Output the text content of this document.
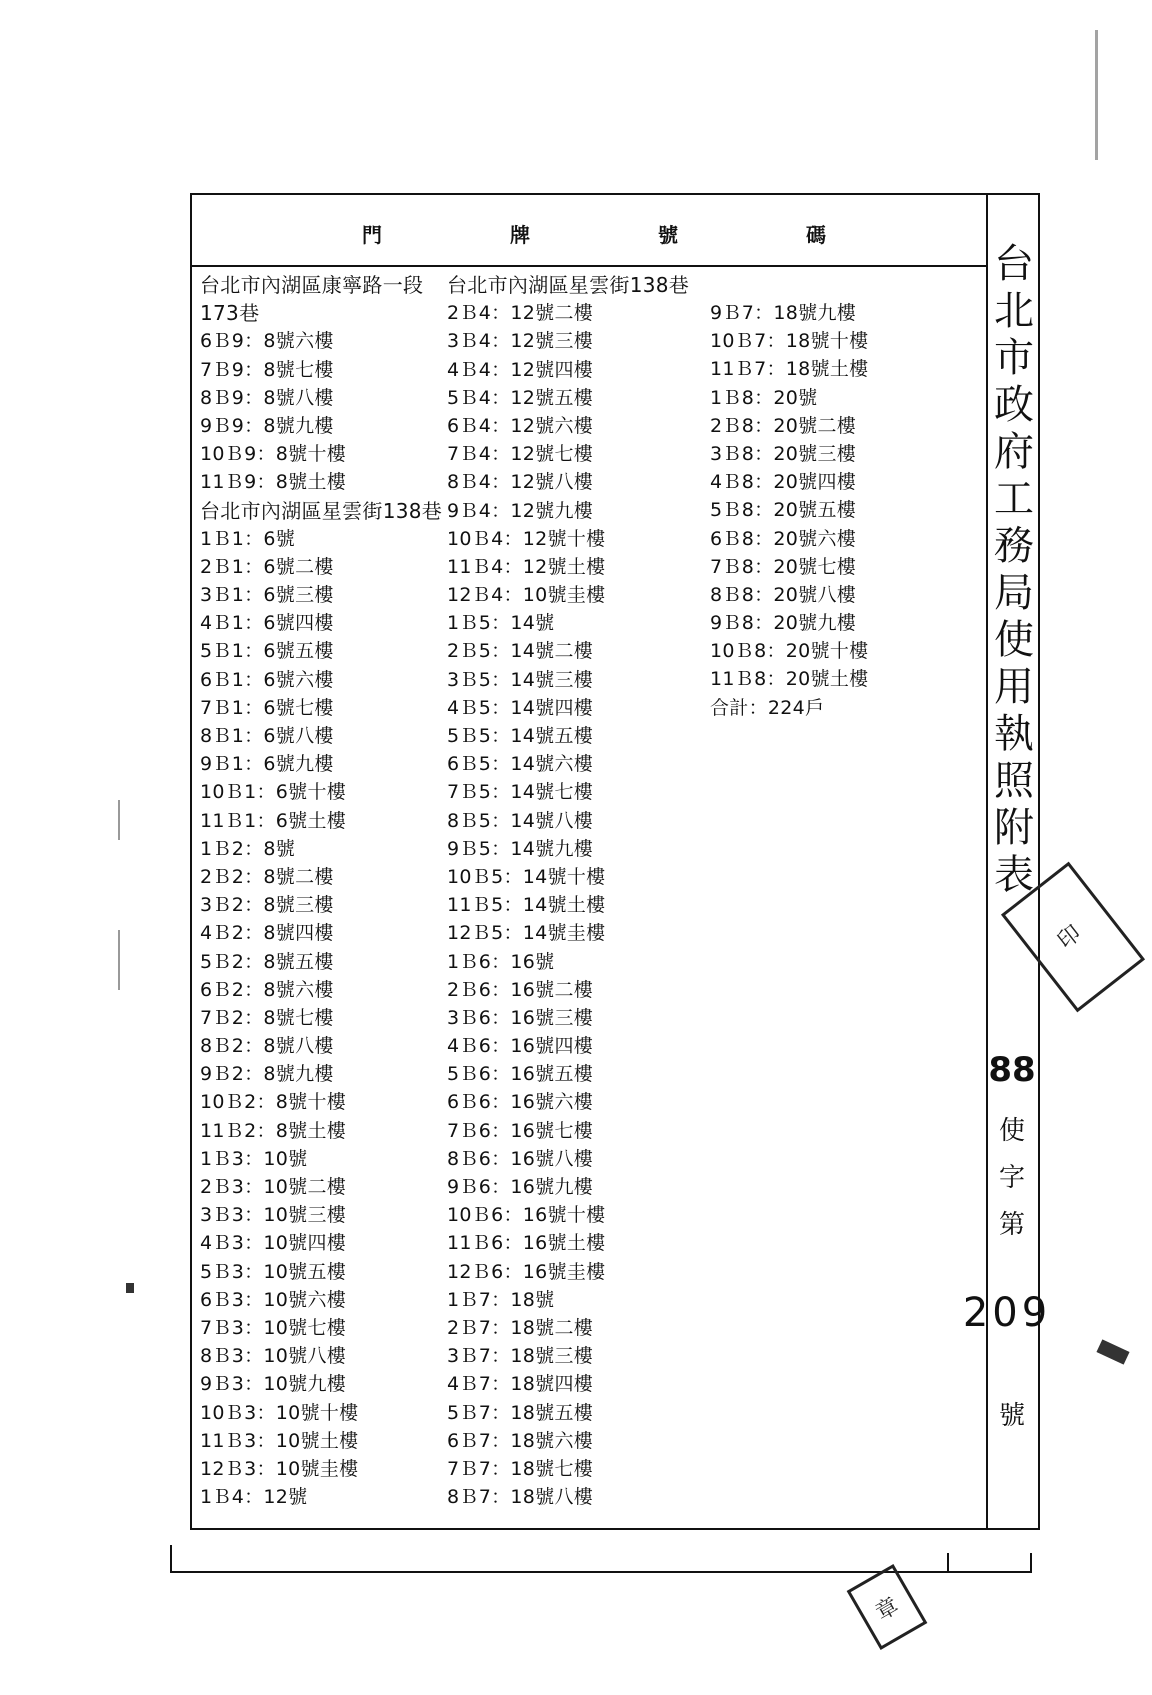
門	牌	號	碼
台北市內湖區康寧路一段
173巷
6Ｂ9：8號六樓
7Ｂ9：8號七樓
8Ｂ9：8號八樓
9Ｂ9：8號九樓
10Ｂ9：8號十樓
11Ｂ9：8號土樓
台北市內湖區星雲街138巷
1Ｂ1：6號
2Ｂ1：6號二樓
3Ｂ1：6號三樓
4Ｂ1：6號四樓
5Ｂ1：6號五樓
6Ｂ1：6號六樓
7Ｂ1：6號七樓
8Ｂ1：6號八樓
9Ｂ1：6號九樓
10Ｂ1：6號十樓
11Ｂ1：6號土樓
1Ｂ2：8號
2Ｂ2：8號二樓
3Ｂ2：8號三樓
4Ｂ2：8號四樓
5Ｂ2：8號五樓
6Ｂ2：8號六樓
7Ｂ2：8號七樓
8Ｂ2：8號八樓
9Ｂ2：8號九樓
10Ｂ2：8號十樓
11Ｂ2：8號土樓
1Ｂ3：10號
2Ｂ3：10號二樓
3Ｂ3：10號三樓
4Ｂ3：10號四樓
5Ｂ3：10號五樓
6Ｂ3：10號六樓
7Ｂ3：10號七樓
8Ｂ3：10號八樓
9Ｂ3：10號九樓
10Ｂ3：10號十樓
11Ｂ3：10號土樓
12Ｂ3：10號圭樓
1Ｂ4：12號
台北市內湖區星雲街138巷
2Ｂ4：12號二樓
3Ｂ4：12號三樓
4Ｂ4：12號四樓
5Ｂ4：12號五樓
6Ｂ4：12號六樓
7Ｂ4：12號七樓
8Ｂ4：12號八樓
9Ｂ4：12號九樓
10Ｂ4：12號十樓
11Ｂ4：12號土樓
12Ｂ4：10號圭樓
1Ｂ5：14號
2Ｂ5：14號二樓
3Ｂ5：14號三樓
4Ｂ5：14號四樓
5Ｂ5：14號五樓
6Ｂ5：14號六樓
7Ｂ5：14號七樓
8Ｂ5：14號八樓
9Ｂ5：14號九樓
10Ｂ5：14號十樓
11Ｂ5：14號土樓
12Ｂ5：14號圭樓
1Ｂ6：16號
2Ｂ6：16號二樓
3Ｂ6：16號三樓
4Ｂ6：16號四樓
5Ｂ6：16號五樓
6Ｂ6：16號六樓
7Ｂ6：16號七樓
8Ｂ6：16號八樓
9Ｂ6：16號九樓
10Ｂ6：16號十樓
11Ｂ6：16號土樓
12Ｂ6：16號圭樓
1Ｂ7：18號
2Ｂ7：18號二樓
3Ｂ7：18號三樓
4Ｂ7：18號四樓
5Ｂ7：18號五樓
6Ｂ7：18號六樓
7Ｂ7：18號七樓
8Ｂ7：18號八樓
9Ｂ7：18號九樓
10Ｂ7：18號十樓
11Ｂ7：18號土樓
1Ｂ8：20號
2Ｂ8：20號二樓
3Ｂ8：20號三樓
4Ｂ8：20號四樓
5Ｂ8：20號五樓
6Ｂ8：20號六樓
7Ｂ8：20號七樓
8Ｂ8：20號八樓
9Ｂ8：20號九樓
10Ｂ8：20號十樓
11Ｂ8：20號土樓
合計：224戶
台
北
市
政
府
工
務
局
使
用
執
照
附
表
88
使
字
第
209
號
印
章
